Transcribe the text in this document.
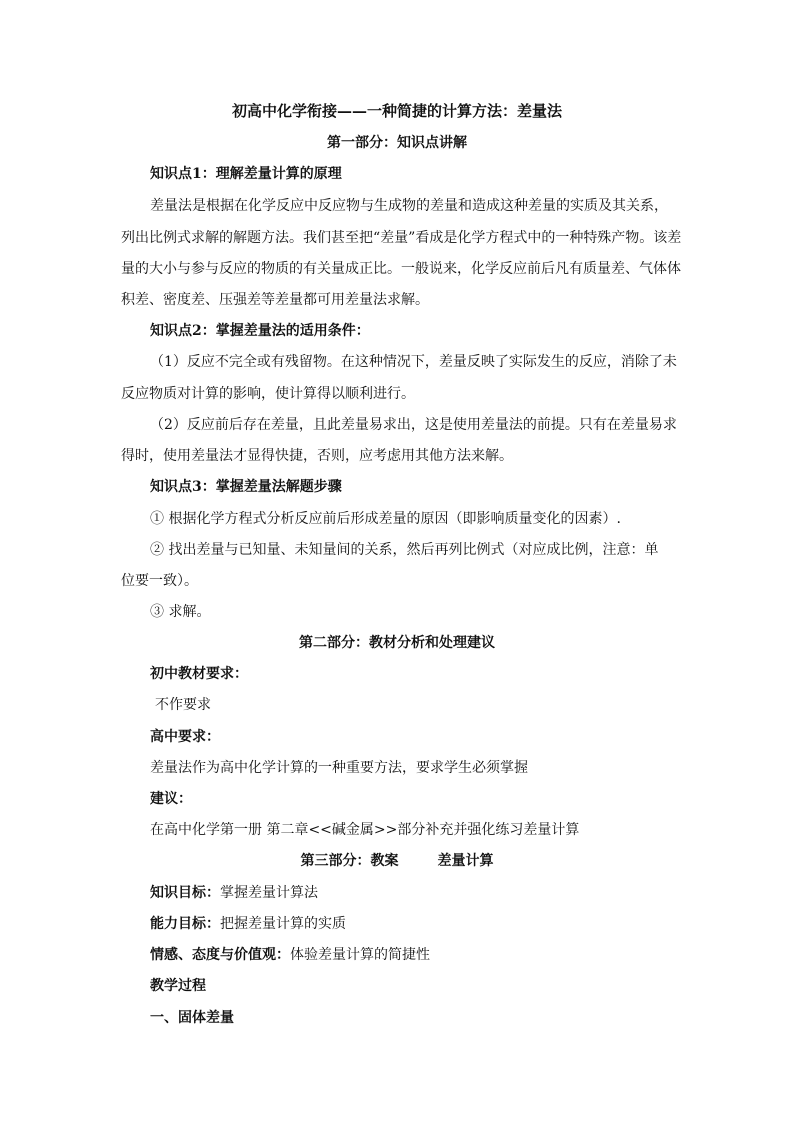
初高中化学衔接——一种简捷的计算方法：差量法
第一部分：知识点讲解
知识点1：理解差量计算的原理
差量法是根据在化学反应中反应物与生成物的差量和造成这种差量的实质及其关系，
列出比例式求解的解题方法。我们甚至把“差量”看成是化学方程式中的一种特殊产物。该差
量的大小与参与反应的物质的有关量成正比。一般说来，化学反应前后凡有质量差、气体体
积差、密度差、压强差等差量都可用差量法求解。
知识点2：掌握差量法的适用条件：
（1）反应不完全或有残留物。在这种情况下，差量反映了实际发生的反应，消除了未
反应物质对计算的影响，使计算得以顺利进行。
（2）反应前后存在差量，且此差量易求出，这是使用差量法的前提。只有在差量易求
得时，使用差量法才显得快捷，否则，应考虑用其他方法来解。
知识点3：掌握差量法解题步骤
① 根据化学方程式分析反应前后形成差量的原因（即影响质量变化的因素）.
② 找出差量与已知量、未知量间的关系，然后再列比例式（对应成比例，注意：单
位要一致）。
③ 求解。
第二部分：教材分析和处理建议
初中教材要求：
不作要求
高中要求：
差量法作为高中化学计算的一种重要方法，要求学生必须掌握
建议：
在高中化学第一册 第二章<<碱金属>>部分补充并强化练习差量计算
第三部分：教案        差量计算
知识目标：掌握差量计算法
能力目标：把握差量计算的实质
情感、态度与价值观：体验差量计算的简捷性
教学过程
一、固体差量
